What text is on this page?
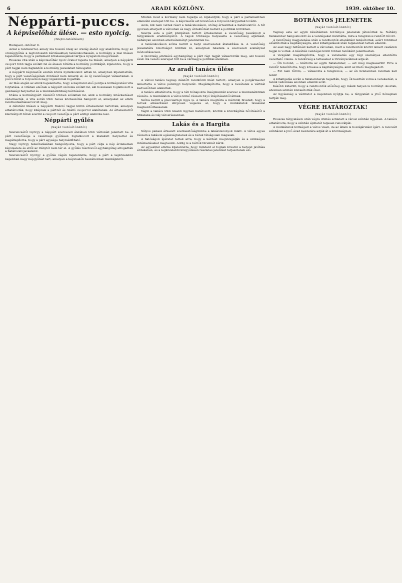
6	ARADI KÖZLÖNY.	1939. október 10.
Néppárti-puccs.
A képviselőház ülése. — esto nyolcig.
(Telefon-tudósításunk)

Budapest, október 9.

Azzal a rendszerrel, amely ma hosszú ideig az ország életét ugy alakította, hogy az országgyűlés a legfontosabb kérdésekben tanácskozhassék, a kormány a mai ülésen bejelentette, hogy a parlament kötelességének tartja a nyugalom megőrzését.

Hosszas vita után a képviselőház nyolc órakor fejezte be ülését, amelyen a néppárti csoport több tagja szólalt fel és élesen bírálta a kormány politikáját, kijelentve, hogy a párt tagjai nem hajlandók a kormány javaslatait támogatni.

A néppárti képviselők ezután közös nyilatkozatot adtak ki, amelyben kijelentették, hogy a párt vezetőségének döntését nem ismerik el, és új vezetőséget választanak. A puccs hírét a folyosókon nagy izgalommal fogadták.

Az ülés elején az elnök bejelentette, hogy a napirend első pontja a költségvetési vita folytatása. A vitában elsőnek a néppárt szónoka szólalt fel, aki hosszasan foglalkozott a gazdasági helyzettel és a munkanélküliség kérdésével.

Utána a kormánypárt részéről többen szólaltak fel, akik a kormány intézkedéseit védelmezték. A vita során több heves közbeszólás hangzott el, amelyeket az elnök rendreutasítással torolt meg.

A délutáni ülésen a néppárti frakció tagjai külön értekezletet tartottak, amelyen elhatározták, hogy kilépnek a pártból és önálló csoportot alakítanak. Az értekezletről kiszivárgott hírek szerint a csoport vezetője a párt eddigi alelnöke lesz.

Néppárti gyűlés
(Saját tudósítónktól)

Szerencséről György a néppárt szervezeti életében több változást jelentett be. A párt vezetősége a vasárnapi gyűlésen foglalkozott a kialakult helyzettel és megállapította, hogy a párt egysége helyreállítható.

Nagy György felszólalásában hangsúlyozta, hogy a párt célja a nép érdekeinek képviselete és ettől az iránytól nem tér el. A gyűlés résztvevői egyhangúlag elfogadták a határozati javaslatot.

Szerencséről György a gyűlés végén bejelentette, hogy a párt a legközelebbi napokban nagy népgyűlést tart, amelyen a képviselők beszámolnak munkájukról.

Miután most a kormány nem fogadja el, kijelentjük, hogy a párt a parlamentben ellenzéki szerepet tölt be. A képviselők ezt követően a folyosón tárgyaltak tovább.

Azok, kik nem vettek részt a tanácskozáson, utólag értesültek a határozatról. A hír gyorsan elterjedt a városban és nagy érdeklődést keltett a politikai körökben.

Szerda este a párt klubjában tartott értekezleten a vezetőség beszámolt a tárgyalások eredményéről. A tagok többsége helyeselte a vezetőség eljárását, néhányan azonban ellenvéleményt jelentettek be.

A tanácskozáson szóba került a helyi szervezetek átalakítása is. A vezetőség javaslatára bizottságot küldtek ki, amelynek feladata a szervezeti szabályzat módosítása lesz.

A bizottság elnökévé egyhangúlag a párt régi tagját választották meg, aki hosszú évek óta vezető szerepet tölt be a vármegye politikai életében.

Az aradi tanács ülése
(Saját tudósítónktól)

A városi tanács tegnap délelőtt rendkívüli ülést tartott, amelyen a polgármester ismertette a város pénzügyi helyzetét. Megállapította, hogy a bevételek a vártnál kedvezőbben alakultak.

A tanács elhatározta, hogy a téli hónapokra ínségmunkát szervez a munkanélküliek részére. A munkálatok a város külső részein folyó útépítésekből állnak.

Szóba került a piaccsarnok ügye is. A tanács megbízta a mérnöki hivatalt, hogy a tervek elkészítését sürgősen végezze el, hogy a munkálatok tavasszal megkezdődhessenek.

Végül a tanács több kisebb ügyben határozott, köztük a közvilágítás bővítéséről a Mikelaka és Gáj városrészekben.

Lakás és a Hargita

Súlyos panasz érkezett szerkesztőségünkbe a lakásviszonyok miatt. A város egyes részein a lakások egészségtelenek és a bérek túlságosan magasak.

A hatóságok ígéretet tettek arra, hogy a kérdést megvizsgálják és a szükséges intézkedéseket megteszik. Addig is a bérlők türelmét kérik.

Az egyesület elnöke kijelentette, hogy mindent el fognak követni a helyzet javítása érdekében, és a legközelebbi közgyűlésen részletes jelentést terjesztenek elő.

BOTRÁNYOS JELENETEK
(Saját tudósítónktól)

Tegnap este az egyik kávéházban botrányos jelenetek játszódtak le. Néhány fiatalember hangoskodott és a vendégeket inzultálta, mire a tulajdonos rendőrt hívott.

A rendőrség megjelenése után a rendbontók ellenállást tanúsítottak, ezért többüket előállították a kapitányságra, ahol kihallgatásuk után feljelentést tettek ellenük.

Az eset nagy feltűnést keltett a városban, mert a rendbontók között ismert családok tagjai is voltak. A kávéház vendégei közül többen tanúként jelentkeztek.

A vizsgálat megállapította, hogy a verekedés egy régi személyes ellentétre vezethető vissza. A rendőrség a tetteseket a törvényszéknek adja át.

— Ön bolond, — kiáltotta az egyik fiatalember, — ezt még megkeserüli! Erre a rendőr felszólította, hogy kövesse a kapitányságra, amit az illető megtagadott.

— Ezt nem tűröm, — válaszolta a tulajdonos, — az én üzletemben rendnek kell lenni!

A kihallgatás során a fiatalemberek tagadták, hogy ők kezdték volna a verekedést, a tanúk vallomása azonban ellenük szólt.

Később kiderült, hogy a rendbontók előzőleg egy másik helyen is botrányt okoztak, ahonnan szintén kiutasították őket.

Az ügyészség a vádiratot a napokban nyújtja be, a tárgyalást a jövő hónapban tartják meg.

VÉGRE HATÁROZTAK!
(Saját tudósítónktól)

Hosszas tárgyalások után végre döntés született a városi színház ügyében. A tanács elhatározta, hogy a színház épületét teljesen renoválják.

A munkálatok költségeit a város viseli, de az állam is hozzájárulást ígért. A renovált színházat a jövő évad kezdetére adják át a közönségnek.
